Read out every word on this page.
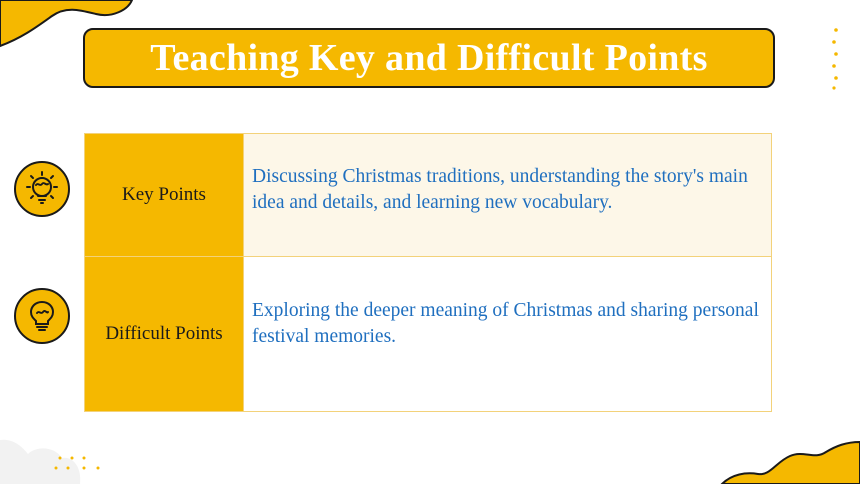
Teaching Key and Difficult Points
Key Points	Discussing Christmas traditions, understanding the story's main idea and details, and learning new vocabulary.
Difficult Points	Exploring the deeper meaning of Christmas and sharing personal festival memories.
